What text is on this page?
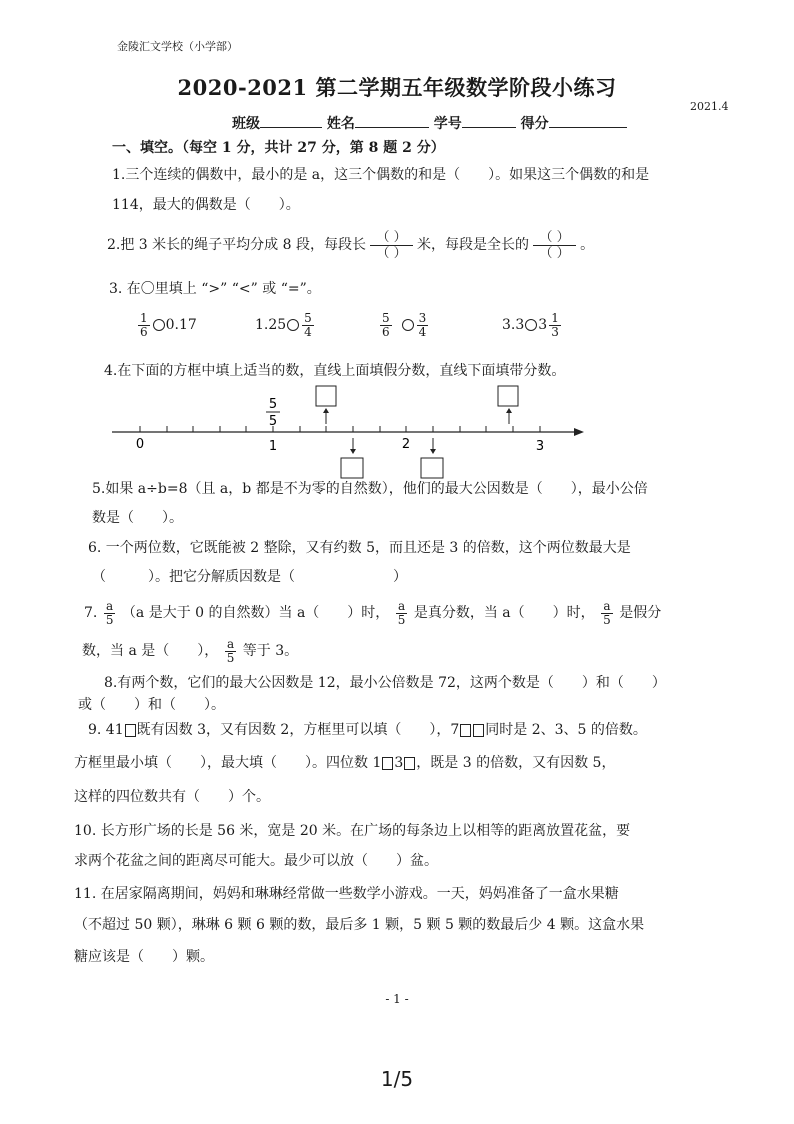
金陵汇文学校（小学部）
2020-2021 第二学期五年级数学阶段小练习
2021.4
班级	姓名	学号	得分
一、填空。（每空 1 分，共计 27 分，第 8 题 2 分）
1.三个连续的偶数中，最小的是 a，这三个偶数的和是（　　）。如果这三个偶数的和是
114，最大的偶数是（　　）。
2.把 3 米长的绳子平均分成 8 段，每段长 $\frac{( )}{( )}$ 米，每段是全长的 $\frac{( )}{( )}$ 。
3. 在〇里填上 “>” “<” 或 “=”。
$\frac{1}{6} 0.17$	$1.25 \frac{5}{4}$	$\frac{5}{6} \frac{3}{4}$	3.3 $3 \frac{1}{3}$
4.在下面的方框中填上适当的数，直线上面填假分数，直线下面填带分数。
0	1	2	3
5
5
5.如果 a÷b=8（且 a，b 都是不为零的自然数），他们的最大公因数是（　　），最小公倍
数是（　　）。
6. 一个两位数，它既能被 2 整除，又有约数 5，而且还是 3 的倍数，这个两位数最大是
（　　　）。把它分解质因数是（　　　　　　　）
7. $\frac{a}{5} (a$ 是大于 0 的自然数）当 a（　　）时， $\frac{a}{5}$ 是真分数，当 a（　　）时， $\frac{a}{5}$ 是假分
数，当 a 是（　　）， $\frac{a}{5}$ 等于 3。
8.有两个数，它们的最大公因数是 12，最小公倍数是 72，这两个数是（　　）和（　　）
或（　　）和（　　）。
9. 41 既有因数 3，又有因数 2，方框里可以填（　　），7 同时是 2、3、5 的倍数。
方框里最小填（　　），最大填（　　）。四位数 1 3 ，既是 3 的倍数，又有因数 5，
这样的四位数共有（　　）个。
10. 长方形广场的长是 56 米，宽是 20 米。在广场的每条边上以相等的距离放置花盆，要
求两个花盆之间的距离尽可能大。最少可以放（　　）盆。
11. 在居家隔离期间，妈妈和琳琳经常做一些数学小游戏。一天，妈妈准备了一盒水果糖
（不超过 50 颗），琳琳 6 颗 6 颗的数，最后多 1 颗，5 颗 5 颗的数最后少 4 颗。这盒水果
糖应该是（　　）颗。
- 1 -
1/5
